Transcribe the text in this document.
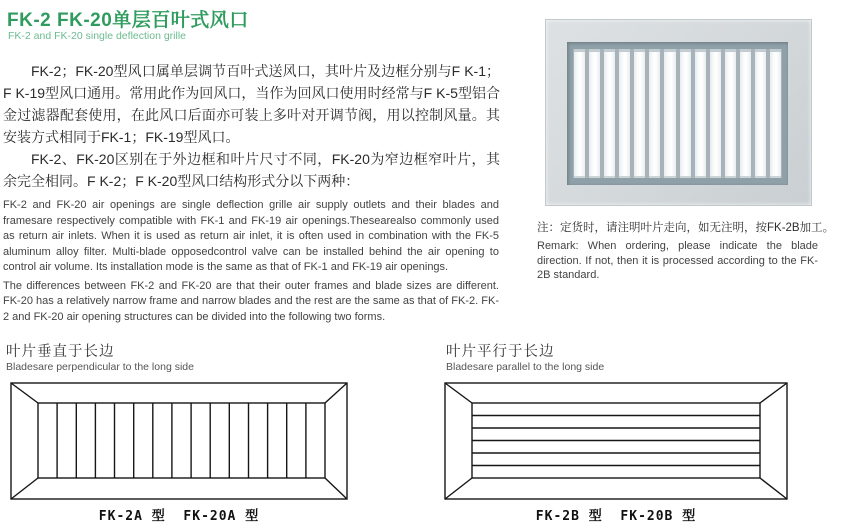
FK-2 FK-20单层百叶式风口
FK-2 and FK-20 single deflection grille

FK-2；FK-20型风口属单层调节百叶式送风口，其叶片及边框分别与F K-1；F K-19型风口通用。常用此作为回风口，当作为回风口使用时经常与F K-5型铝合金过滤器配套使用，在此风口后面亦可装上多叶对开调节阀，用以控制风量。其安装方式相同于FK-1；FK-19型风口。

FK-2、FK-20区别在于外边框和叶片尺寸不同，FK-20为窄边框窄叶片，其余完全相同。F K-2；F K-20型风口结构形式分以下两种：

FK-2 and FK-20 air openings are single deflection grille air supply outlets and their blades and framesare respectively compatible with FK-1 and FK-19 air openings.Thesearealso commonly used as return air inlets. When it is used as return air inlet, it is often used in combination with the FK-5 aluminum alloy filter. Multi-blade opposedcontrol valve can be installed behind the air opening to control air volume. Its installation mode is the same as that of FK-1 and FK-19 air openings.

The differences between FK-2 and FK-20 are that their outer frames and blade sizes are different. FK-20 has a relatively narrow frame and narrow blades and the rest are the same as that of FK-2. FK-2 and FK-20 air opening structures can be divided into the following two forms.

注：定货时，请注明叶片走向，如无注明，按FK-2B加工。
Remark: When ordering, please indicate the blade direction. If not, then it is processed according to the FK-2B standard.
叶片垂直于长边
Bladesare perpendicular to the long side
FK-2A 型  FK-20A 型
叶片平行于长边
Bladesare parallel to the long side
FK-2B 型  FK-20B 型
